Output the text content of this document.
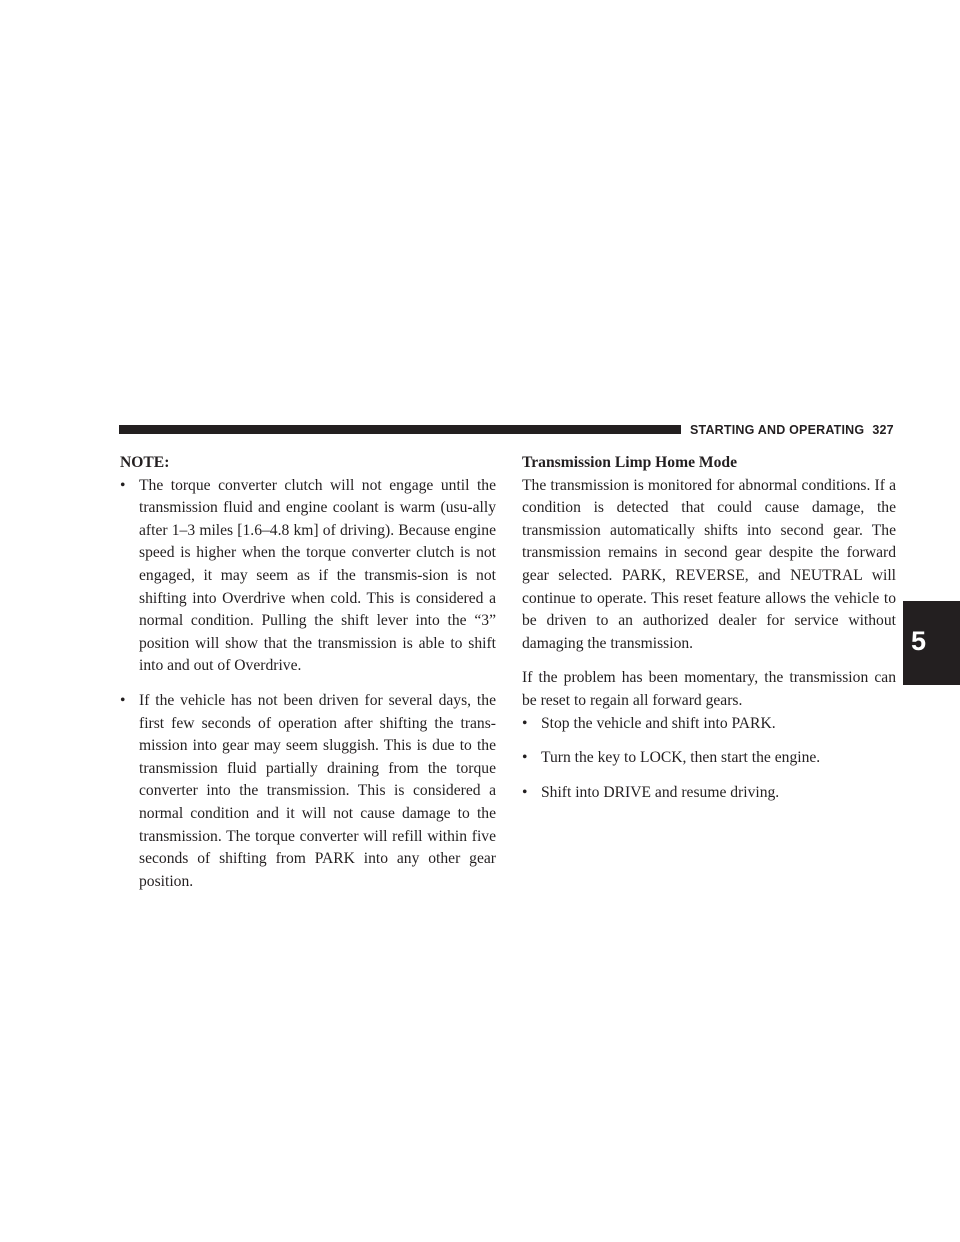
STARTING AND OPERATING 327
5

NOTE:

• The torque converter clutch will not engage until the transmission fluid and engine coolant is warm (usu-ally after 1–3 miles [1.6–4.8 km] of driving). Because engine speed is higher when the torque converter clutch is not engaged, it may seem as if the transmis-sion is not shifting into Overdrive when cold. This is considered a normal condition. Pulling the shift lever into the “3” position will show that the transmission is able to shift into and out of Overdrive.
• If the vehicle has not been driven for several days, the first few seconds of operation after shifting the trans-mission into gear may seem sluggish. This is due to the transmission fluid partially draining from the torque converter into the transmission. This is considered a normal condition and it will not cause damage to the transmission. The torque converter will refill within five seconds of shifting from PARK into any other gear position.

Transmission Limp Home Mode

The transmission is monitored for abnormal conditions. If a condition is detected that could cause damage, the transmission automatically shifts into second gear. The transmission remains in second gear despite the forward gear selected. PARK, REVERSE, and NEUTRAL will continue to operate. This reset feature allows the vehicle to be driven to an authorized dealer for service without damaging the transmission.

If the problem has been momentary, the transmission can be reset to regain all forward gears.

• Stop the vehicle and shift into PARK.
• Turn the key to LOCK, then start the engine.
• Shift into DRIVE and resume driving.
